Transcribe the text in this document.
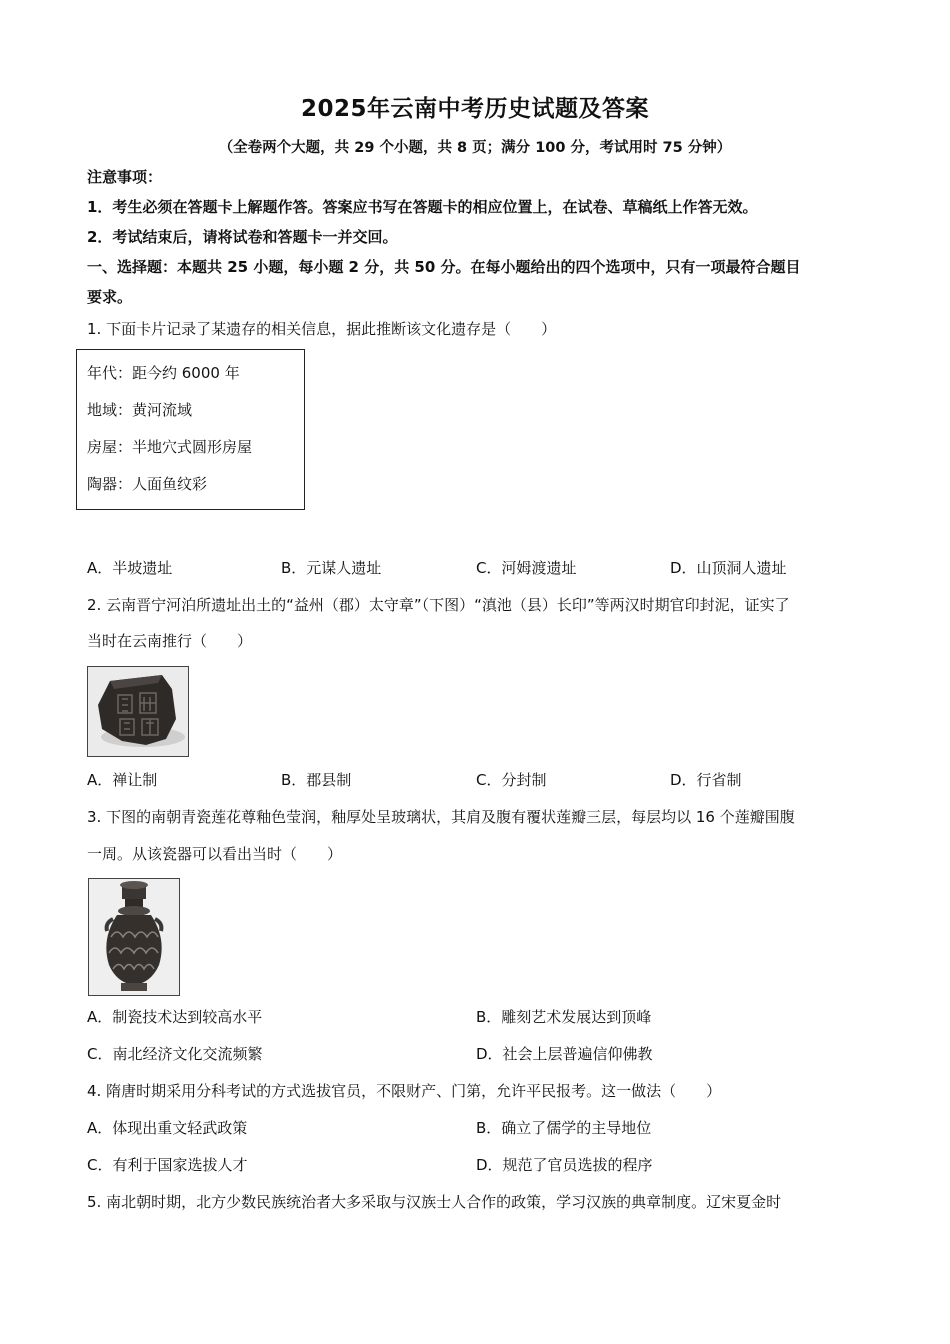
2025年云南中考历史试题及答案
（全卷两个大题，共 29 个小题，共 8 页；满分 100 分，考试用时 75 分钟）
注意事项：
1．考生必须在答题卡上解题作答。答案应书写在答题卡的相应位置上，在试卷、草稿纸上作答无效。
2．考试结束后，请将试卷和答题卡一并交回。
一、选择题：本题共 25 小题，每小题 2 分，共 50 分。在每小题给出的四个选项中，只有一项最符合题目
要求。
1. 下面卡片记录了某遗存的相关信息，据此推断该文化遗存是（　　）
年代：距今约 6000 年
地域：黄河流域
房屋：半地穴式圆形房屋
陶器：人面鱼纹彩
A．半坡遗址	B．元谋人遗址	C．河姆渡遗址	D．山顶洞人遗址
2. 云南晋宁河泊所遗址出土的“益州（郡）太守章”（下图）“滇池（县）长印”等两汉时期官印封泥，证实了
当时在云南推行（　　）
A．禅让制	B．郡县制	C．分封制	D．行省制
3. 下图的南朝青瓷莲花尊釉色莹润，釉厚处呈玻璃状，其肩及腹有覆状莲瓣三层，每层均以 16 个莲瓣围腹
一周。从该瓷器可以看出当时（　　）
A．制瓷技术达到较高水平	B．雕刻艺术发展达到顶峰
C．南北经济文化交流频繁	D．社会上层普遍信仰佛教
4. 隋唐时期采用分科考试的方式选拔官员，不限财产、门第，允许平民报考。这一做法（　　）
A．体现出重文轻武政策	B．确立了儒学的主导地位
C．有利于国家选拔人才	D．规范了官员选拔的程序
5. 南北朝时期，北方少数民族统治者大多采取与汉族士人合作的政策，学习汉族的典章制度。辽宋夏金时
